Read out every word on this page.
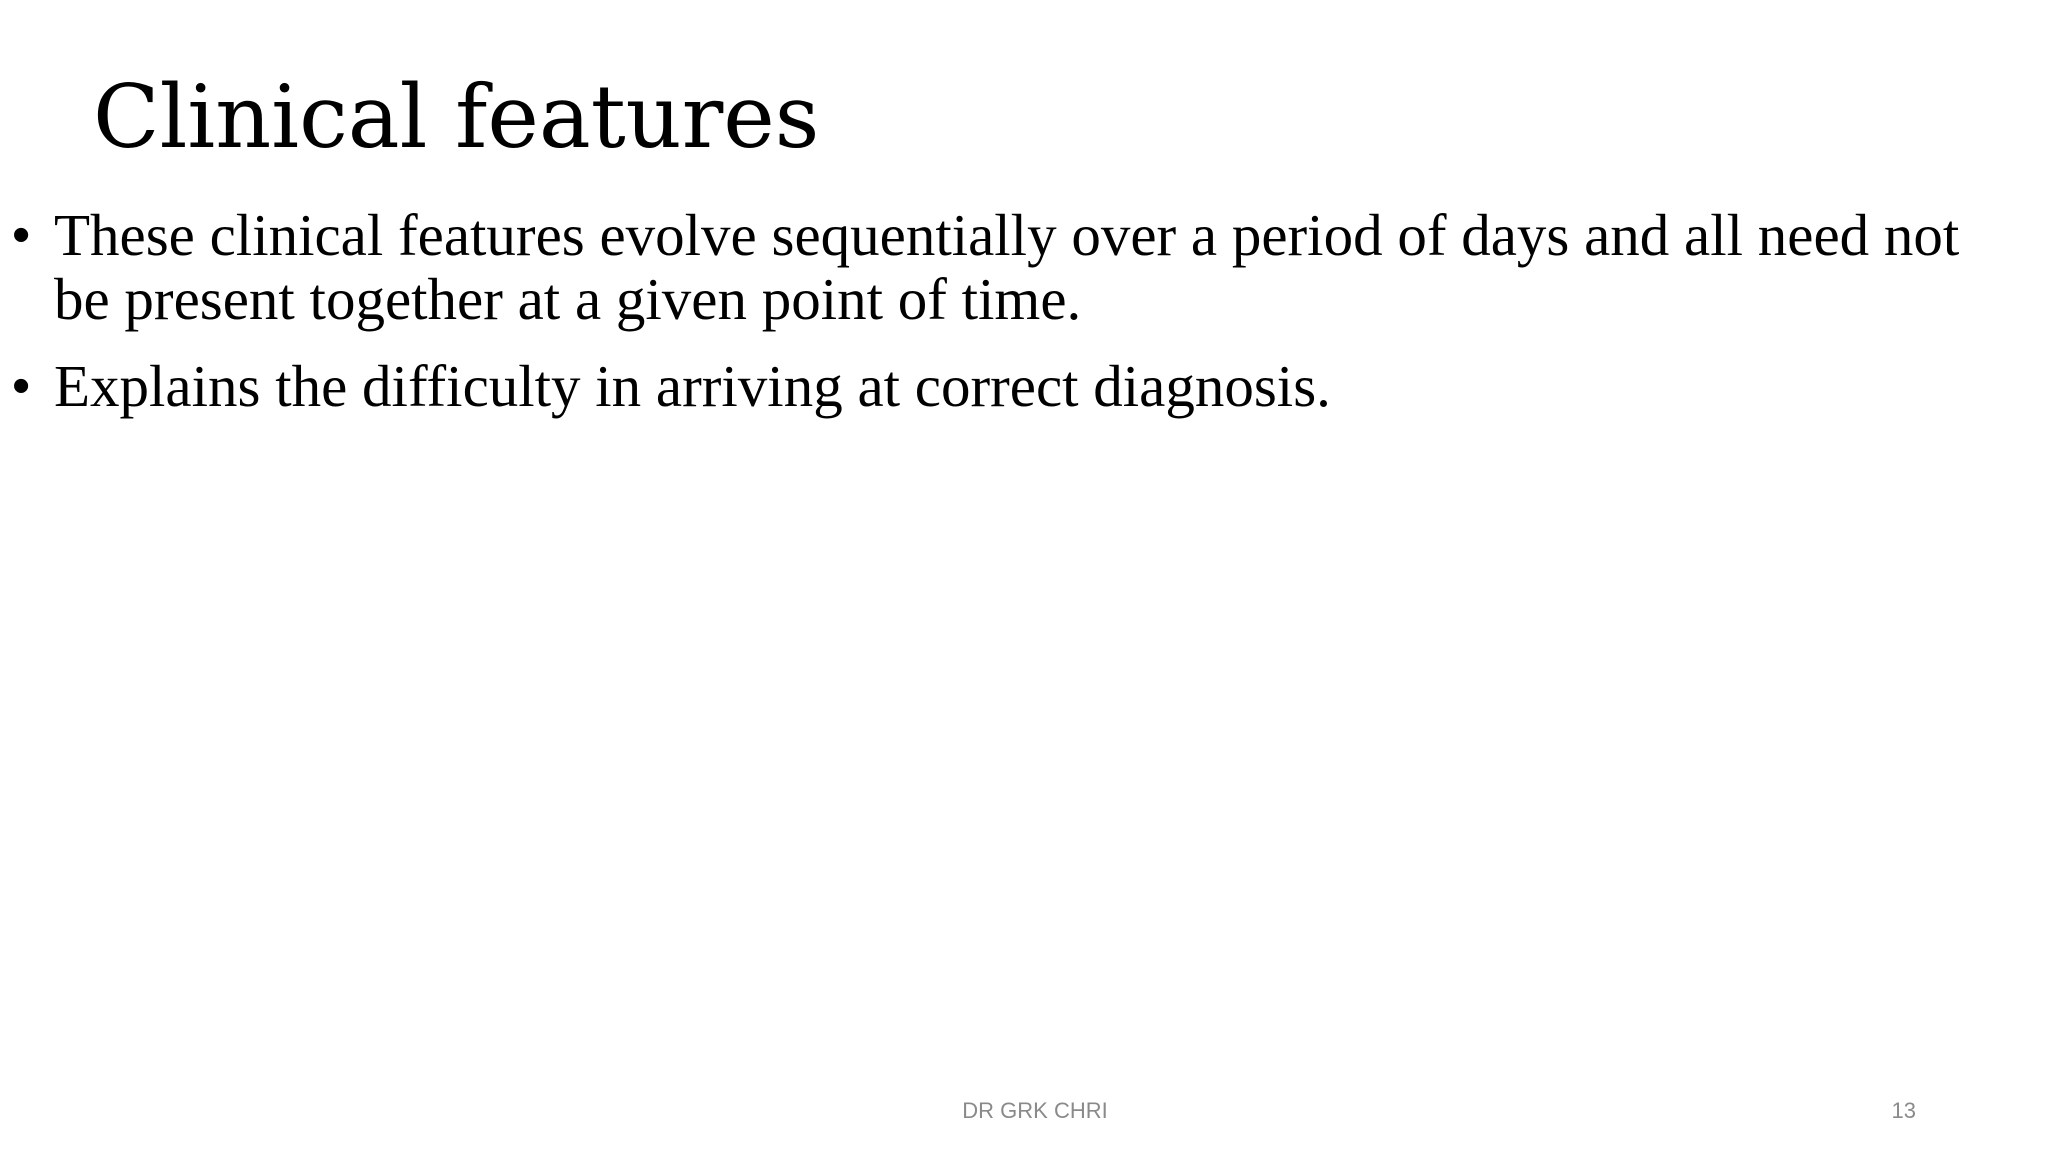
Clinical features
• These clinical features evolve sequentially over a period of days and all need not be present together at a given point of time.
• Explains the difficulty in arriving at correct diagnosis.
DR GRK CHRI	13
